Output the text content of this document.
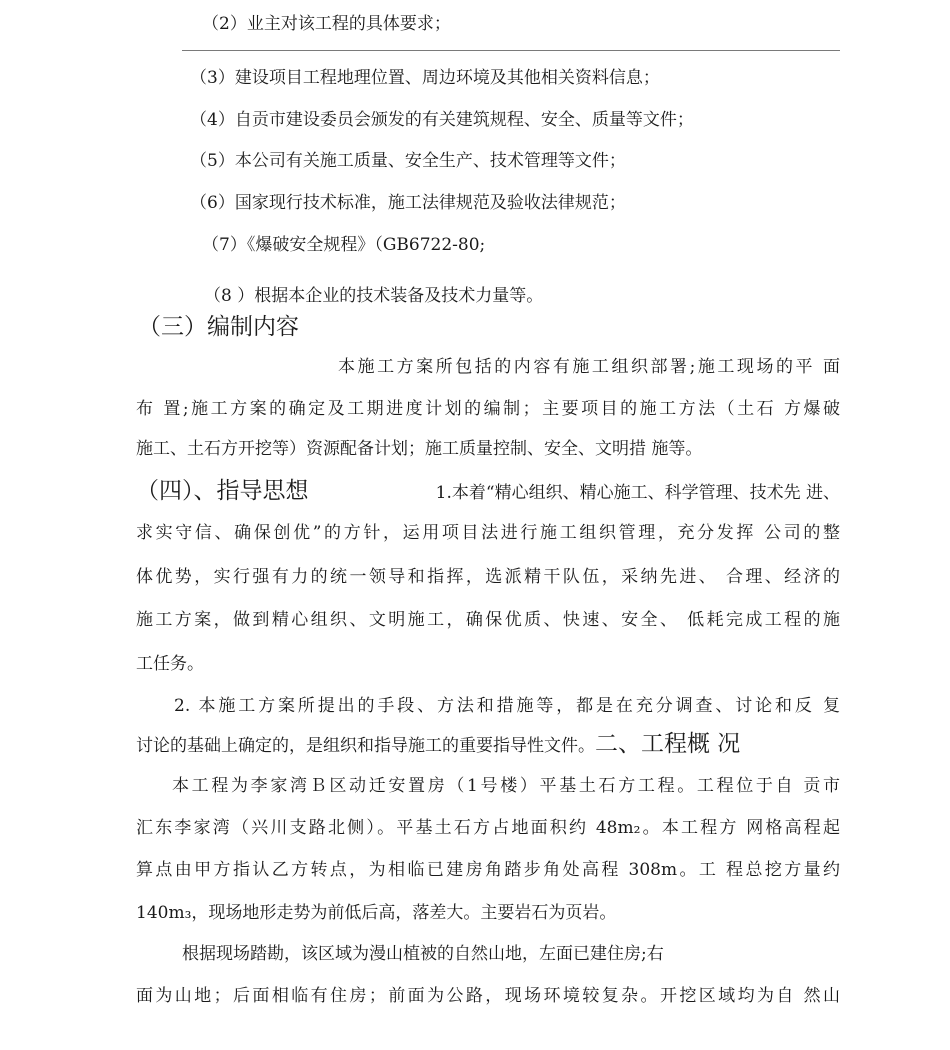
（2）业主对该工程的具体要求；
（3）建设项目工程地理位置、周边环境及其他相关资料信息；
（4）自贡市建设委员会颁发的有关建筑规程、安全、质量等文件；
（5）本公司有关施工质量、安全生产、技术管理等文件；
（6）国家现行技术标准，施工法律规范及验收法律规范；
（7）《爆破安全规程》（GB6722-80;
（8 ）根据本企业的技术装备及技术力量等。
（三）编制内容
本施工方案所包括的内容有施工组织部署;施工现场的平 面
布 置;施工方案的确定及工期进度计划的编制；主要项目的施工方法（土石 方爆破
施工、土石方开挖等）资源配备计划；施工质量控制、安全、文明措 施等。
（四）、指导思想	1.本着“精心组织、精心施工、科学管理、技术先 进、
求实守信、确保创优”的方针，运用项目法进行施工组织管理，充分发挥 公司的整
体优势，实行强有力的统一领导和指挥，选派精干队伍，采纳先进、 合理、经济的
施工方案，做到精心组织、文明施工，确保优质、快速、安全、 低耗完成工程的施
工任务。
2. 本施工方案所提出的手段、方法和措施等，都是在充分调查、讨论和反 复
讨论的基础上确定的，是组织和指导施工的重要指导性文件。二、工程概 况
本工程为李家湾Ｂ区动迁安置房（1号楼）平基土石方工程。工程位于自 贡市
汇东李家湾（兴川支路北侧）。平基土石方占地面积约 48m₂。本工程方 网格高程起
算点由甲方指认乙方转点，为相临已建房角踏步角处高程 308m。工 程总挖方量约
140m₃，现场地形走势为前低后高，落差大。主要岩石为页岩。
根据现场踏勘，该区域为漫山植被的自然山地，左面已建住房;右
面为山地；后面相临有住房；前面为公路，现场环境较复杂。开挖区域均为自 然山
